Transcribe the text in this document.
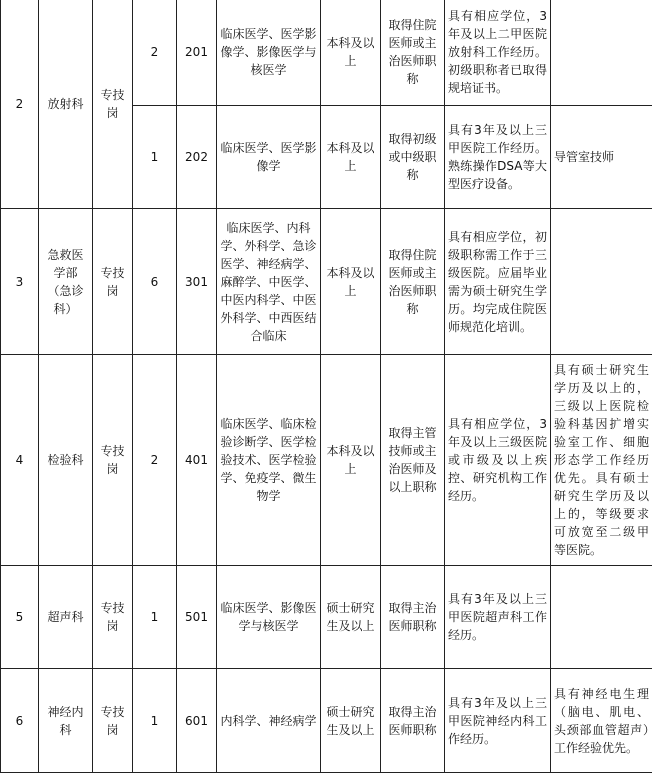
2	放射科	专技岗	2	201	临床医学、医学影像学、影像医学与核医学	本科及以上	取得住院医师或主治医师职称	具有相应学位，3年及以上二甲医院放射科工作经历。初级职称者已取得规培证书。	
			1	202	临床医学、医学影像学	本科及以上	取得初级或中级职称	具有3年及以上三甲医院工作经历。熟练操作DSA等大型医疗设备。	导管室技师
3	急救医学部（急诊科）	专技岗	6	301	临床医学、内科学、外科学、急诊医学、神经病学、麻醉学、中医学、中医内科学、中医外科学、中西医结合临床	本科及以上	取得住院医师或主治医师职称	具有相应学位，初级职称需工作于三级医院。应届毕业需为硕士研究生学历。均完成住院医师规范化培训。	
4	检验科	专技岗	2	401	临床医学、临床检验诊断学、医学检验技术、医学检验学、免疫学、微生物学	本科及以上	取得主管技师或主治医师及以上职称	具有相应学位，3年及以上三级医院或市级及以上疾控、研究机构工作经历。	具有硕士研究生学历及以上的，三级以上医院检验科基因扩增实验室工作、细胞形态学工作经历优先。具有硕士研究生学历及以上的，等级要求可放宽至二级甲等医院。
5	超声科	专技岗	1	501	临床医学、影像医学与核医学	硕士研究生及以上	取得主治医师职称	具有3年及以上三甲医院超声科工作经历。	
6	神经内科	专技岗	1	601	内科学、神经病学	硕士研究生及以上	取得主治医师职称	具有3年及以上三甲医院神经内科工作经历。	具有神经电生理（脑电、肌电、头颈部血管超声）工作经验优先。
